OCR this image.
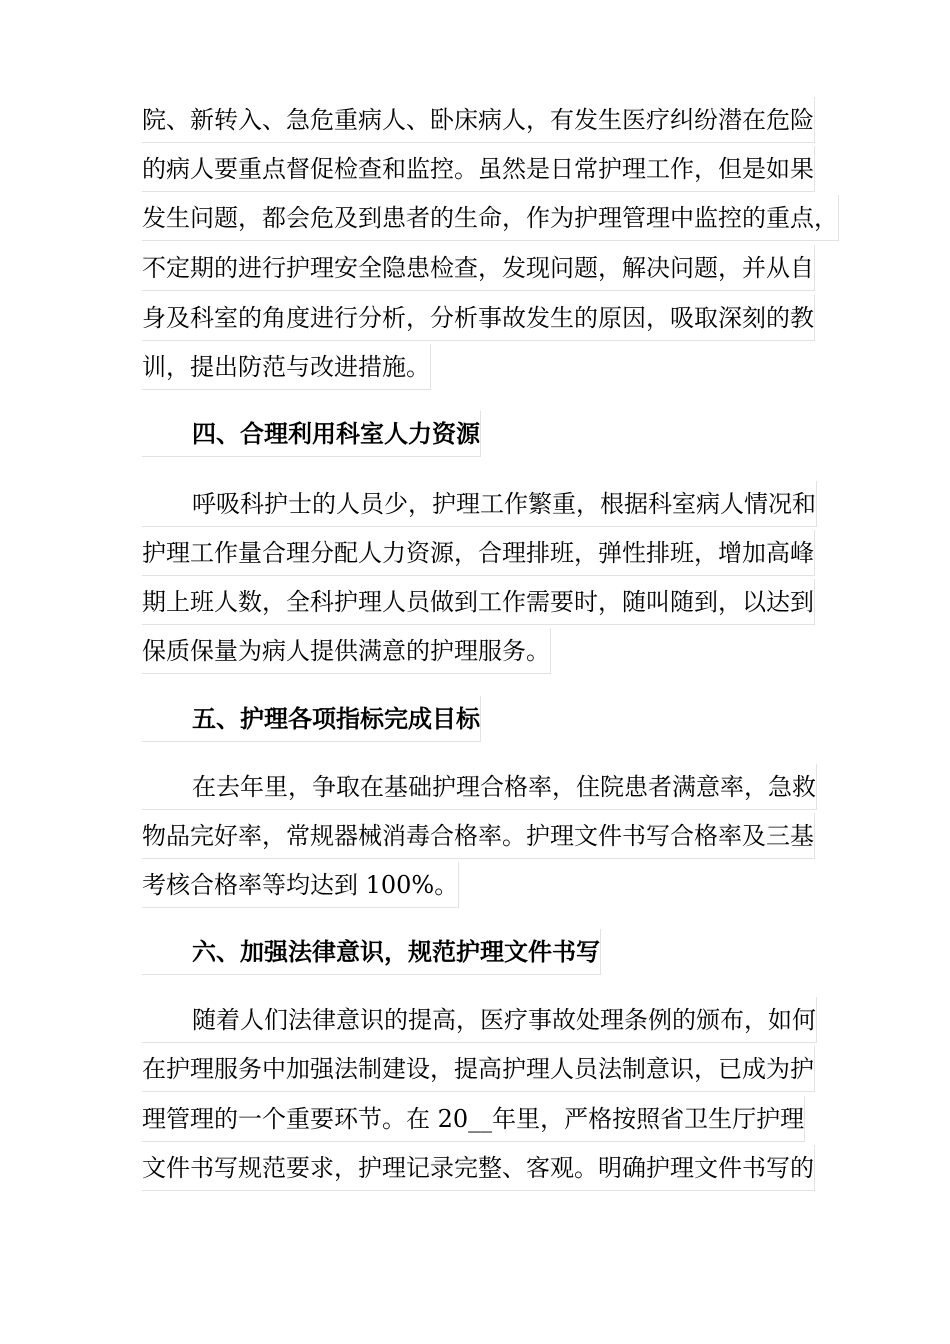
院、新转入、急危重病人、卧床病人，有发生医疗纠纷潜在危险
的病人要重点督促检查和监控。虽然是日常护理工作，但是如果
发生问题，都会危及到患者的生命，作为护理管理中监控的重点，
不定期的进行护理安全隐患检查，发现问题，解决问题，并从自
身及科室的角度进行分析，分析事故发生的原因，吸取深刻的教
训，提出防范与改进措施。
四、合理利用科室人力资源
呼吸科护士的人员少，护理工作繁重，根据科室病人情况和
护理工作量合理分配人力资源，合理排班，弹性排班，增加高峰
期上班人数，全科护理人员做到工作需要时，随叫随到，以达到
保质保量为病人提供满意的护理服务。
五、护理各项指标完成目标
在去年里，争取在基础护理合格率，住院患者满意率，急救
物品完好率，常规器械消毒合格率。护理文件书写合格率及三基
考核合格率等均达到 100%。
六、加强法律意识，规范护理文件书写
随着人们法律意识的提高，医疗事故处理条例的颁布，如何
在护理服务中加强法制建设，提高护理人员法制意识，已成为护
理管理的一个重要环节。在 20__年里，严格按照省卫生厅护理
文件书写规范要求，护理记录完整、客观。明确护理文件书写的
